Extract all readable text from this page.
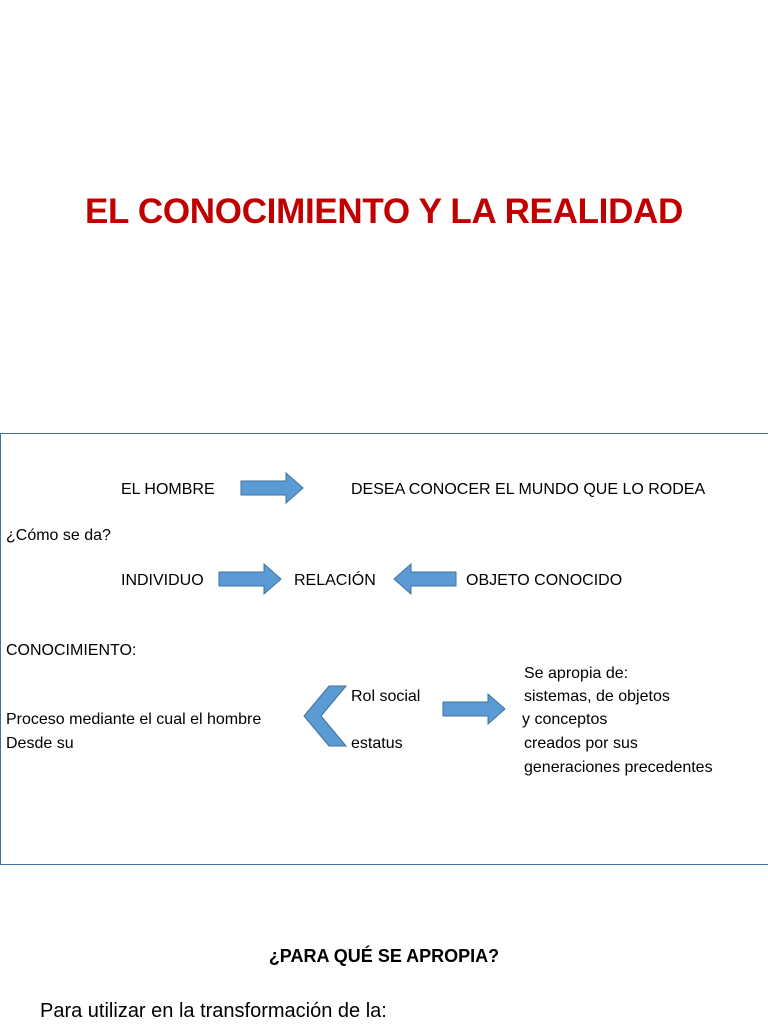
EL CONOCIMIENTO Y LA REALIDAD
EL HOMBRE	DESEA CONOCER EL MUNDO QUE LO RODEA
¿Cómo se da?
INDIVIDUO	RELACIÓN	OBJETO CONOCIDO
CONOCIMIENTO:
Proceso mediante el cual el hombre
Desde su
Rol social
estatus
Se apropia de:
sistemas, de objetos
y conceptos
creados por sus
generaciones precedentes
¿PARA QUÉ SE APROPIA?
Para utilizar en la transformación de la:
